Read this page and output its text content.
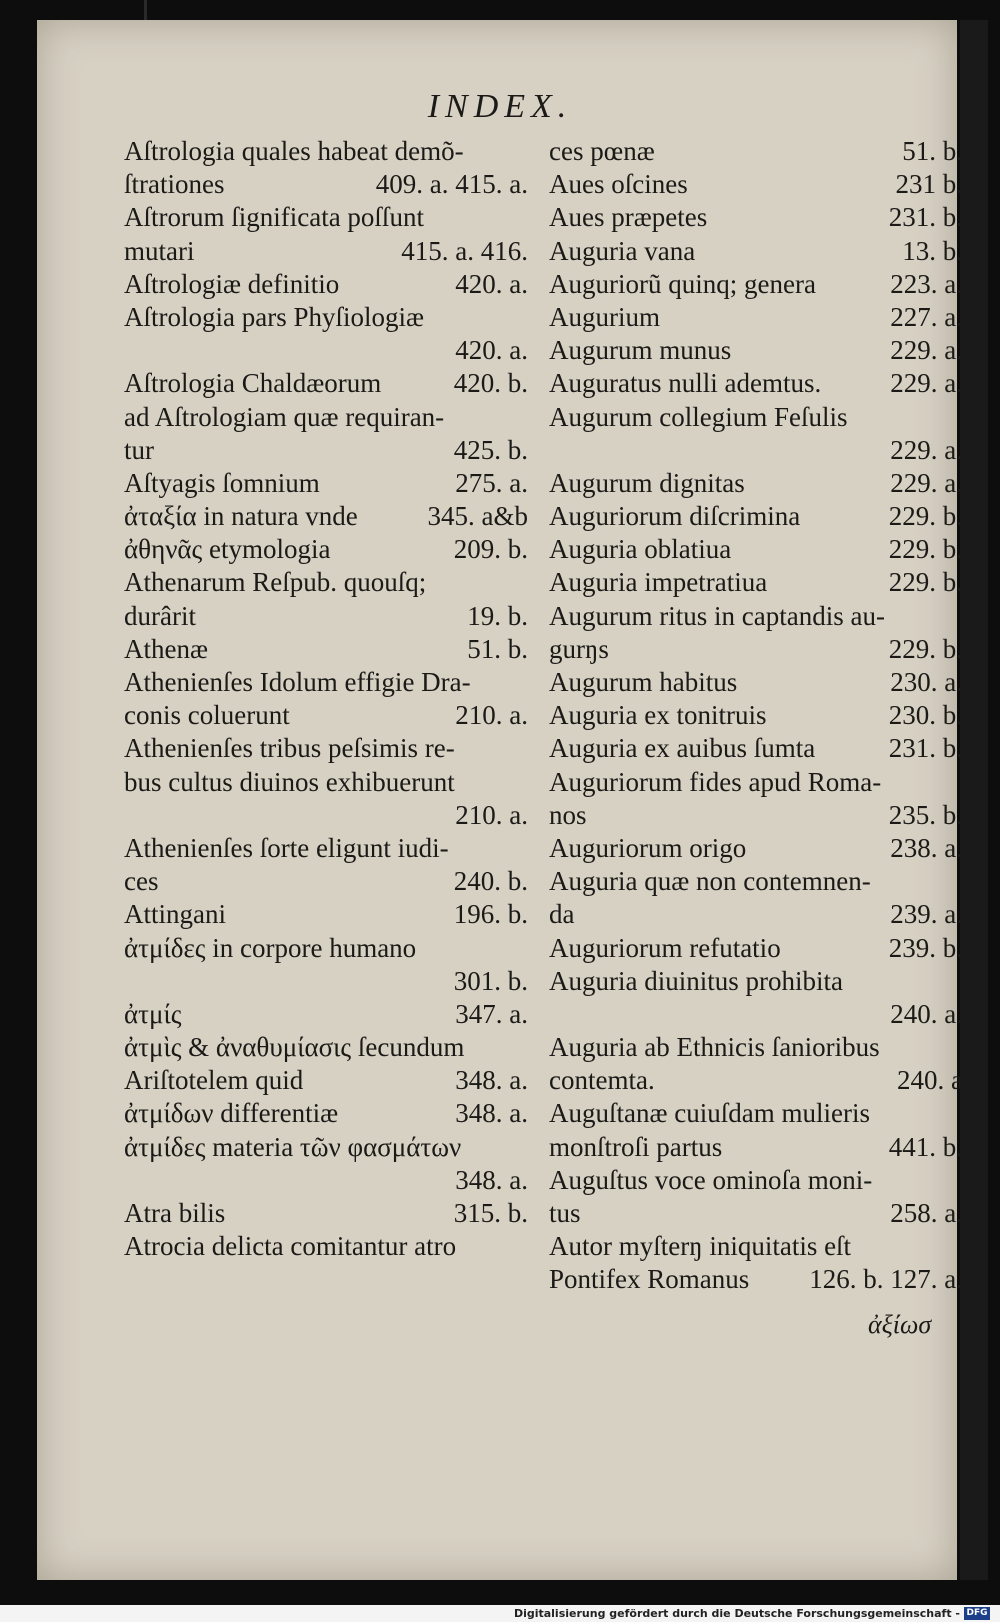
INDEX.
Aſtrologia quales habeat demõ-
ſtrationes	409. a. 415. a.
Aſtrorum ſignificata poſſunt
mutari	415. a. 416.
Aſtrologiæ definitio	420. a.
Aſtrologia pars Phyſiologiæ
420. a.
Aſtrologia Chaldæorum	420. b.
ad Aſtrologiam quæ requiran-
tur	425. b.
Aſtyagis ſomnium	275. a.
ἀταξία in natura vnde	345. a&b
ἀθηνᾶς etymologia	209. b.
Athenarum Reſpub. quouſq;
durârit	19. b.
Athenæ	51. b.
Athenienſes Idolum effigie Dra-
conis coluerunt	210. a.
Athenienſes tribus peſsimis re-
bus cultus diuinos exhibuerunt
210. a.
Athenienſes ſorte eligunt iudi-
ces	240. b.
Attingani	196. b.
ἀτμίδες in corpore humano
301. b.
ἀτμίς	347. a.
ἀτμὶς & ἀναθυμίασις ſecundum
Ariſtotelem quid	348. a.
ἀτμίδων differentiæ	348. a.
ἀτμίδες materia τῶν φασμάτων
348. a.
Atra bilis	315. b.
Atrocia delicta comitantur atro
ces pœnæ	51. b.
Aues oſcines	231 b.
Aues præpetes	231. b.
Auguria vana	13. b.
Auguriorũ quinq; genera	223. a.
Augurium	227. a.
Augurum munus	229. a.
Auguratus nulli ademtus.	229. a.
Augurum collegium Feſulis
229. a.
Augurum dignitas	229. a.
Auguriorum diſcrimina	229. b.
Auguria oblatiua	229. b.
Auguria impetratiua	229. b.
Augurum ritus in captandis au-
gurŋs	229. b.
Augurum habitus	230. a.
Auguria ex tonitruis	230. b.
Auguria ex auibus ſumta	231. b.
Auguriorum fides apud Roma-
nos	235. b.
Auguriorum origo	238. a.
Auguria quæ non contemnen-
da	239. a.
Auguriorum refutatio	239. b.
Auguria diuinitus prohibita
240. a.
Auguria ab Ethnicis ſanioribus
contemta.	240. a
Auguſtanæ cuiuſdam mulieris
monſtroſi partus	441. b.
Auguſtus voce ominoſa moni-
tus	258. a.
Autor myſterŋ iniquitatis eſt
Pontifex Romanus	126. b. 127. a.
ἀξίωσ
Digitalisierung gefördert durch die Deutsche Forschungsgemeinschaft - DFG
